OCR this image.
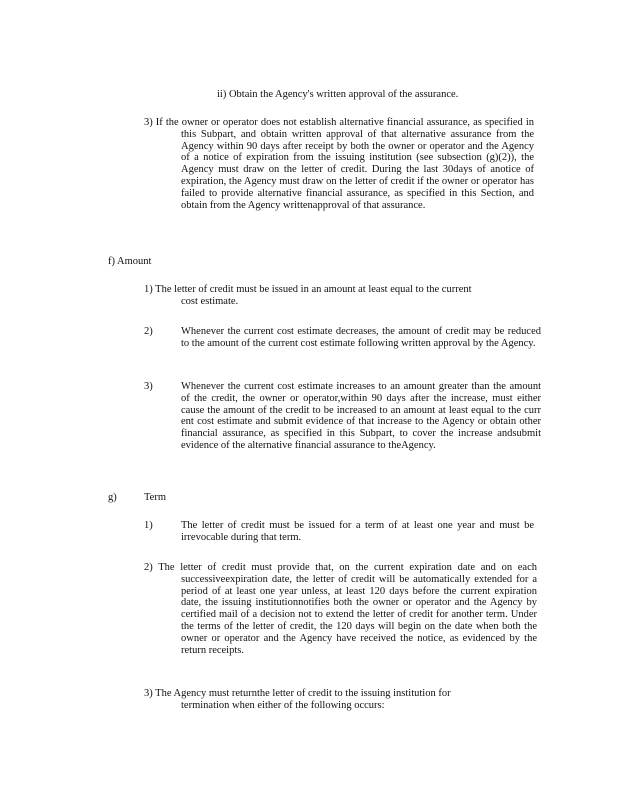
ii) Obtain the Agency's written approval of the assurance.
3) If the owner or operator does not establish alternative financial assurance, as specified in this Subpart, and obtain written approval of that alternative assurance from the Agency within 90 days after receipt by both the owner or operator and the Agency of a notice of expiration from the issuing institution (see subsection (g)(2)), the Agency must draw on the letter of credit. During the last 30days of anotice of expiration, the Agency must draw on the letter of credit if the owner or operator has failed to provide alternative financial assurance, as specified in this Section, and obtain from the Agency writtenapproval of that assurance.
f) Amount
1) The letter of credit must be issued in an amount at least equal to the current cost estimate.
2)	Whenever the current cost estimate decreases, the amount of credit may be reduced to the amount of the current cost estimate following written approval by the Agency.
3)	Whenever the current cost estimate increases to an amount greater than the amount of the credit, the owner or operator,within 90 days after the increase, must either cause the amount of the credit to be increased to an amount at least equal to the curr ent cost estimate and submit evidence of that increase to the Agency or obtain other financial assurance, as specified in this Subpart, to cover the increase andsubmit evidence of the alternative financial assurance to theAgency.
g)	Term
1)	The letter of credit must be issued for a term of at least one year and must be irrevocable during that term.
2) The letter of credit must provide that, on the current expiration date and on each successiveexpiration date, the letter of credit will be automatically extended for a period of at least one year unless, at least 120 days before the current expiration date, the issuing institutionnotifies both the owner or operator and the Agency by certified mail of a decision not to extend the letter of credit for another term. Under the terms of the letter of credit, the 120 days will begin on the date when both the owner or operator and the Agency have received the notice, as evidenced by the return receipts.
3) The Agency must returnthe letter of credit to the issuing institution for termination when either of the following occurs:
